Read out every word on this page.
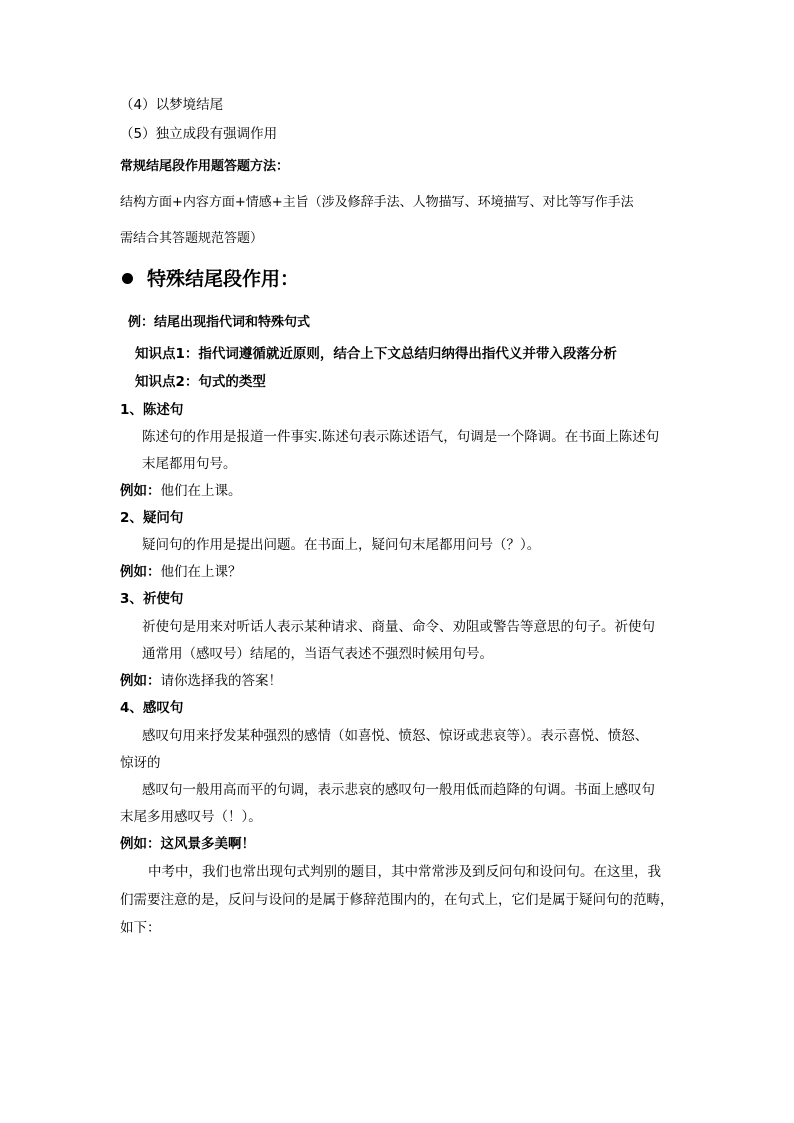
（4）以梦境结尾
（5）独立成段有强调作用
常规结尾段作用题答题方法：
结构方面+内容方面+情感+主旨（涉及修辞手法、人物描写、环境描写、对比等写作手法
需结合其答题规范答题）
特殊结尾段作用：
例：结尾出现指代词和特殊句式
知识点1：指代词遵循就近原则，结合上下文总结归纳得出指代义并带入段落分析
知识点2：句式的类型
1、陈述句
陈述句的作用是报道一件事实.陈述句表示陈述语气，句调是一个降调。在书面上陈述句
末尾都用句号。
例如：他们在上课。
2、疑问句
疑问句的作用是提出问题。在书面上，疑问句末尾都用问号（？）。
例如：他们在上课？
3、祈使句
祈使句是用来对听话人表示某种请求、商量、命令、劝阻或警告等意思的句子。祈使句
通常用（感叹号）结尾的，当语气表述不强烈时候用句号。
例如：请你选择我的答案！
4、感叹句
感叹句用来抒发某种强烈的感情（如喜悦、愤怒、惊讶或悲哀等）。表示喜悦、愤怒、
惊讶的
感叹句一般用高而平的句调，表示悲哀的感叹句一般用低而趋降的句调。书面上感叹句
末尾多用感叹号（！）。
例如：这风景多美啊！
中考中，我们也常出现句式判别的题目，其中常常涉及到反问句和设问句。在这里，我
们需要注意的是，反问与设问的是属于修辞范围内的，在句式上，它们是属于疑问句的范畴，
如下：
